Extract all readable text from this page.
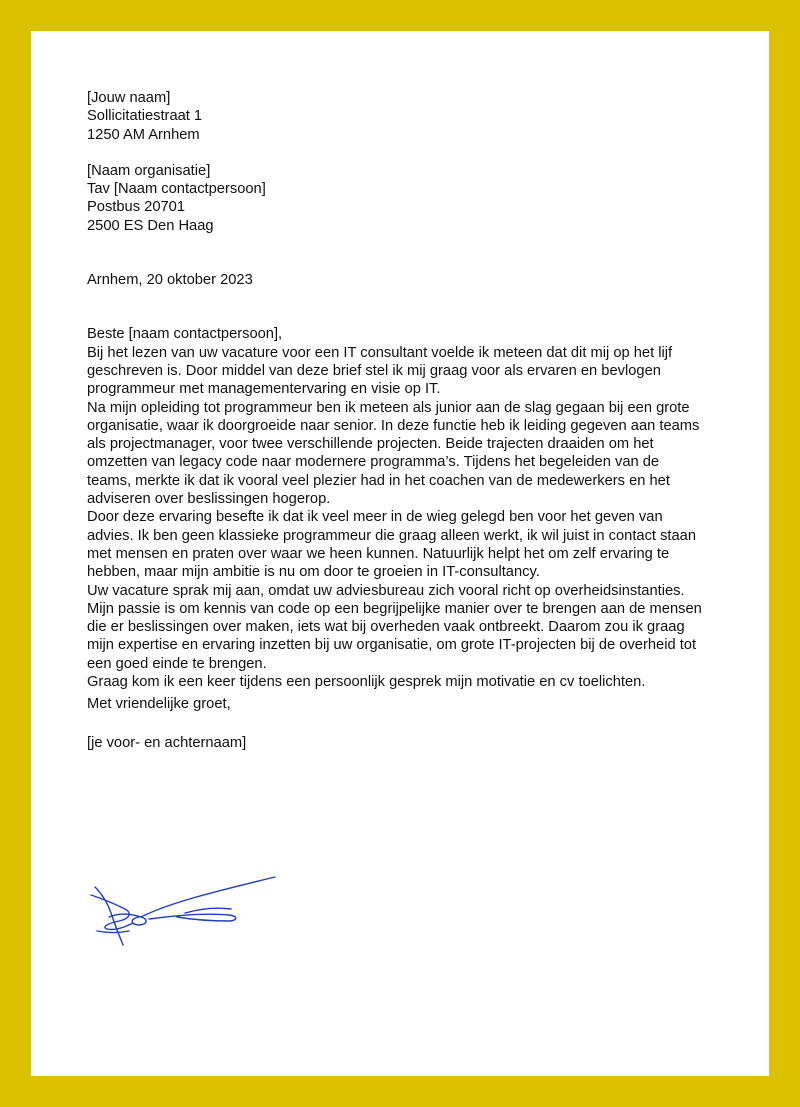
[Jouw naam]

Sollicitatiestraat 1

1250 AM Arnhem

[Naam organisatie]

Tav [Naam contactpersoon]

Postbus 20701

2500 ES Den Haag

Arnhem, 20 oktober 2023

Beste [naam contactpersoon],

Bij het lezen van uw vacature voor een IT consultant voelde ik meteen dat dit mij op het lijf geschreven is. Door middel van deze brief stel ik mij graag voor als ervaren en bevlogen programmeur met managementervaring en visie op IT.

Na mijn opleiding tot programmeur ben ik meteen als junior aan de slag gegaan bij een grote organisatie, waar ik doorgroeide naar senior. In deze functie heb ik leiding gegeven aan teams als projectmanager, voor twee verschillende projecten. Beide trajecten draaiden om het omzetten van legacy code naar modernere programma’s. Tijdens het begeleiden van de teams, merkte ik dat ik vooral veel plezier had in het coachen van de medewerkers en het adviseren over beslissingen hogerop.

Door deze ervaring besefte ik dat ik veel meer in de wieg gelegd ben voor het geven van advies. Ik ben geen klassieke programmeur die graag alleen werkt, ik wil juist in contact staan met mensen en praten over waar we heen kunnen. Natuurlijk helpt het om zelf ervaring te hebben, maar mijn ambitie is nu om door te groeien in IT-consultancy.

Uw vacature sprak mij aan, omdat uw adviesbureau zich vooral richt op overheidsinstanties. Mijn passie is om kennis van code op een begrijpelijke manier over te brengen aan de mensen die er beslissingen over maken, iets wat bij overheden vaak ontbreekt. Daarom zou ik graag mijn expertise en ervaring inzetten bij uw organisatie, om grote IT-projecten bij de overheid tot een goed einde te brengen.

Graag kom ik een keer tijdens een persoonlijk gesprek mijn motivatie en cv toelichten.

Met vriendelijke groet,

[je voor- en achternaam]
